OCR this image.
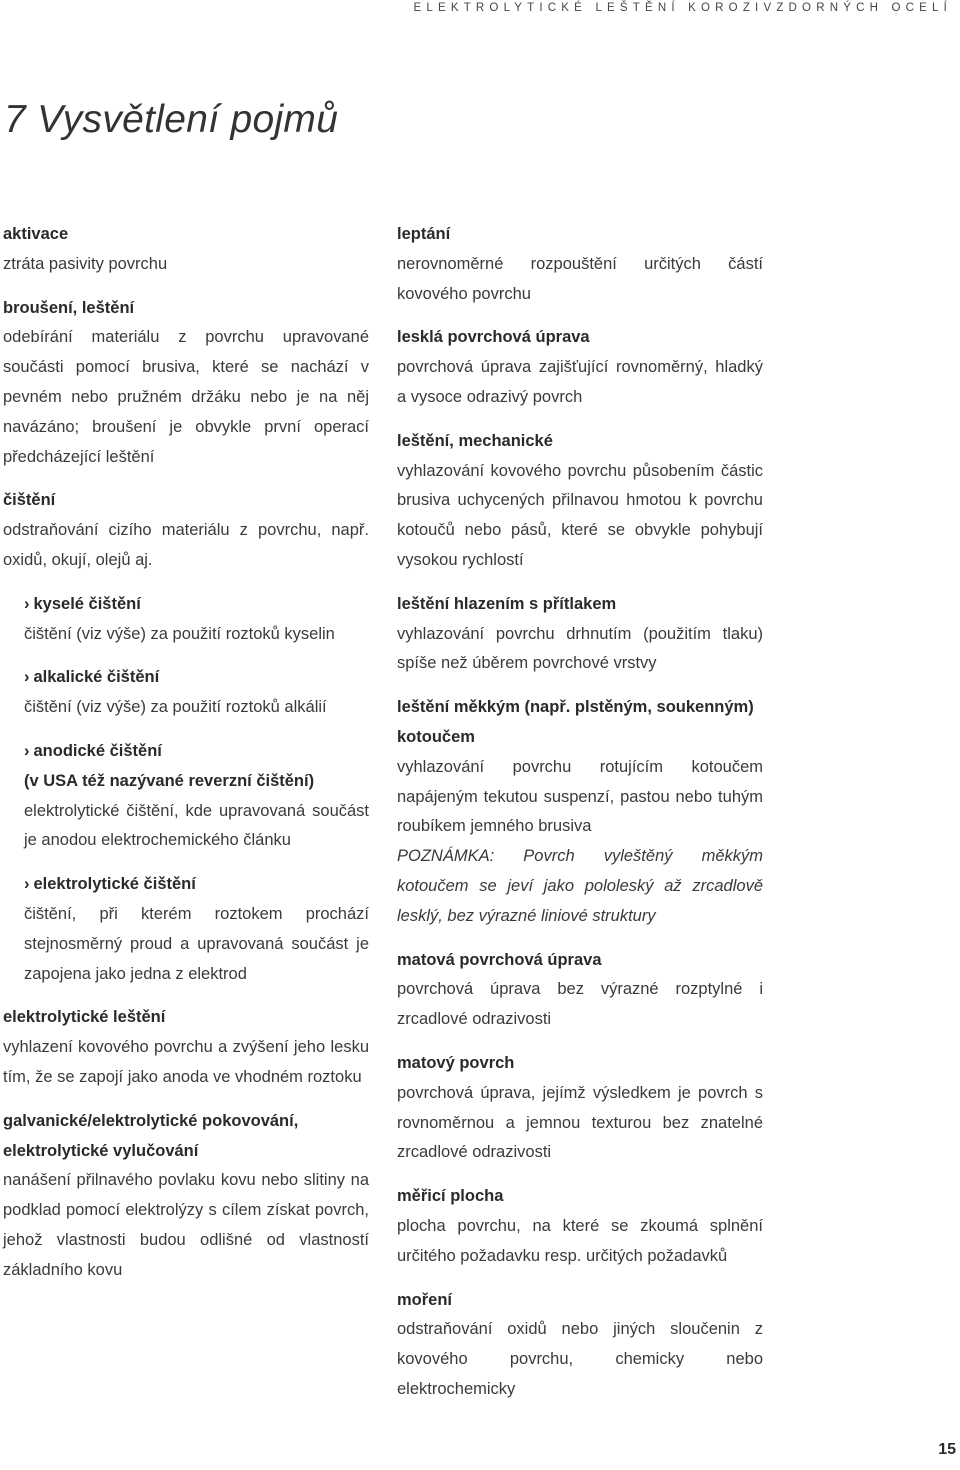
ELEKTROLYTICKÉ LEŠTĚNÍ KOROZIVZDORNÝCH OCELÍ
7 Vysvětlení pojmů

aktivace

ztráta pasivity povrchu

broušení, leštění

odebírání materiálu z povrchu upravované součásti pomocí brusiva, které se nachází v pevném nebo pružném držáku nebo je na něj navázáno; broušení je obvykle první operací předcházející leštění

čištění

odstraňování cizího materiálu z povrchu, např. oxidů, okují, olejů aj.

› kyselé čištění

čištění (viz výše) za použití roztoků kyselin

› alkalické čištění

čištění (viz výše) za použití roztoků alkálií

› anodické čištění

(v USA též nazývané reverzní čištění)

elektrolytické čištění, kde upravovaná součást je anodou elektrochemického článku

› elektrolytické čištění

čištění, při kterém roztokem prochází stejnosměrný proud a upravovaná součást je zapojena jako jedna z elektrod

elektrolytické leštění

vyhlazení kovového povrchu a zvýšení jeho lesku tím, že se zapojí jako anoda ve vhodném roztoku

galvanické/elektrolytické pokovování, elektrolytické vylučování

nanášení přilnavého povlaku kovu nebo slitiny na podklad pomocí elektrolýzy s cílem získat povrch, jehož vlastnosti budou odlišné od vlastností základního kovu

leptání

nerovnoměrné rozpouštění určitých částí kovového povrchu

lesklá povrchová úprava

povrchová úprava zajišťující rovnoměrný, hladký a vysoce odrazivý povrch

leštění, mechanické

vyhlazování kovového povrchu působením částic brusiva uchycených přilnavou hmotou k povrchu kotoučů nebo pásů, které se obvykle pohybují vysokou rychlostí

leštění hlazením s přítlakem

vyhlazování povrchu drhnutím (použitím tlaku) spíše než úběrem povrchové vrstvy

leštění měkkým (např. plstěným, soukenným) kotoučem

vyhlazování povrchu rotujícím kotoučem napájeným tekutou suspenzí, pastou nebo tuhým roubíkem jemného brusiva

POZNÁMKA: Povrch vyleštěný měkkým kotoučem se jeví jako pololeský až zrcadlově lesklý, bez výrazné liniové struktury

matová povrchová úprava

povrchová úprava bez výrazné rozptylné i zrcadlové odrazivosti

matový povrch

povrchová úprava, jejímž výsledkem je povrch s rovnoměrnou a jemnou texturou bez znatelné zrcadlové odrazivosti

měřicí plocha

plocha povrchu, na které se zkoumá splnění určitého požadavku resp. určitých požadavků

moření

odstraňování oxidů nebo jiných sloučenin z kovového povrchu, chemicky nebo elektrochemicky

15
